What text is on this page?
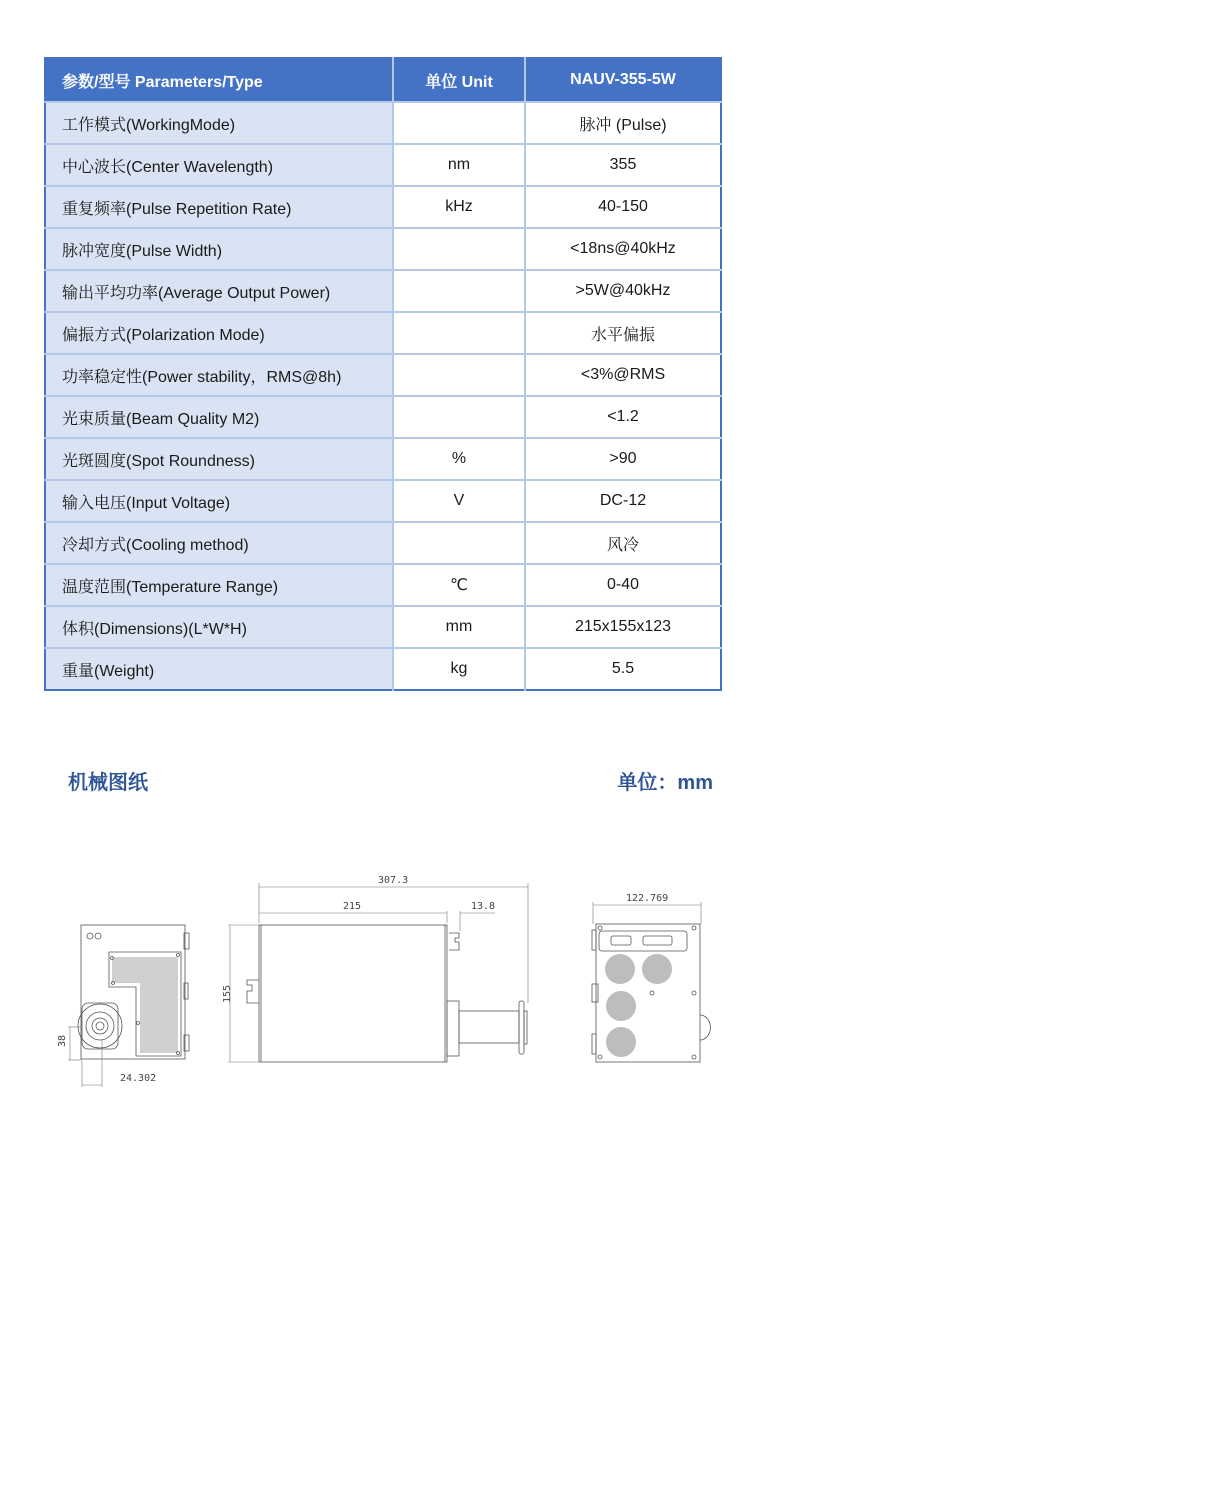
参数/型号 Parameters/Type	单位 Unit	NAUV-355-5W
工作模式(WorkingMode)		脉冲 (Pulse)
中心波长(Center Wavelength)	nm	355
重复频率(Pulse Repetition Rate)	kHz	40-150
脉冲宽度(Pulse Width)		<18ns@40kHz
输出平均功率(Average Output Power)		>5W@40kHz
偏振方式(Polarization Mode)		水平偏振
功率稳定性(Power stability，RMS@8h)		<3%@RMS
光束质量(Beam Quality M2)		<1.2
光斑圆度(Spot Roundness)	%	>90
输入电压(Input Voltage)	V	DC-12
冷却方式(Cooling method)		风冷
温度范围(Temperature Range)	℃	0-40
体积(Dimensions)(L*W*H)	mm	215x155x123
重量(Weight)	kg	5.5
机械图纸	单位：mm
38
24.302
307.3
215	13.8
155
122.769
